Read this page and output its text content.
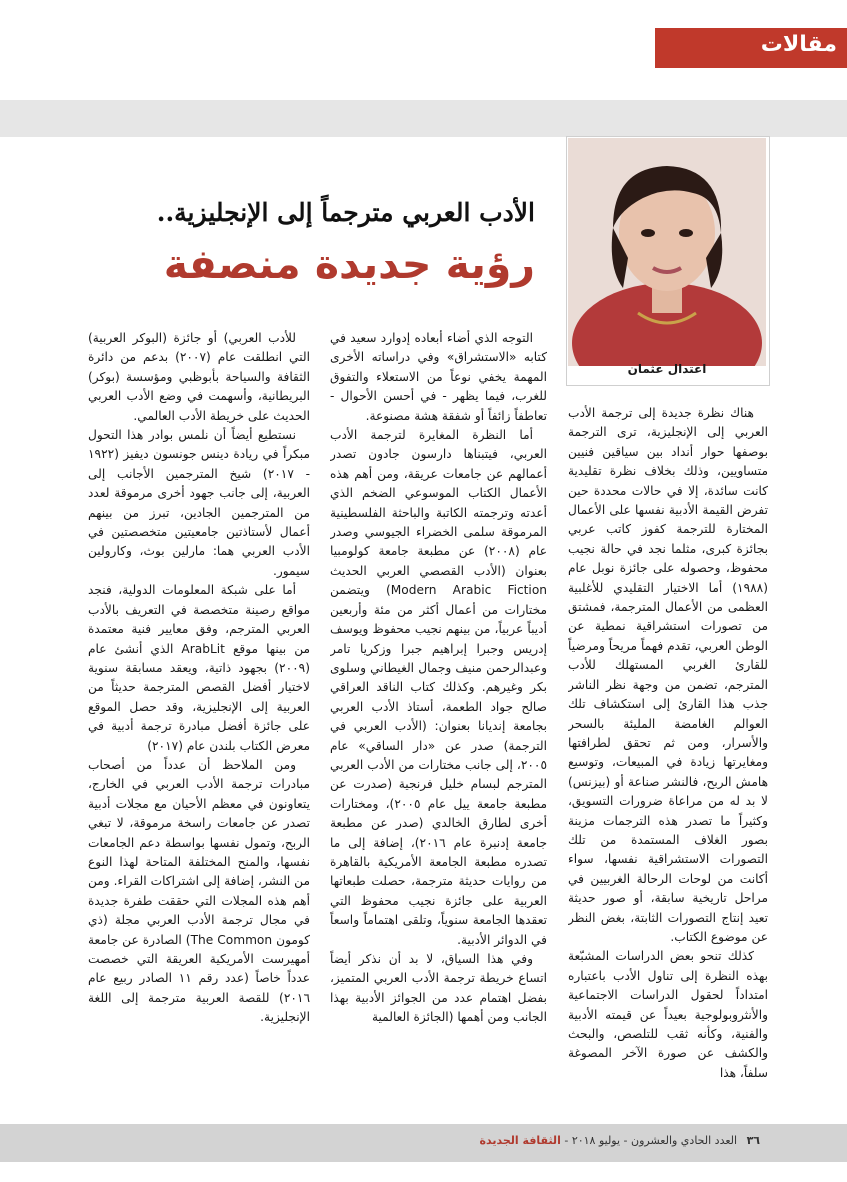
مقالات
اعتدال عثمان
الأدب العربي مترجماً إلى الإنجليزية..
رؤية جديدة منصفة

هناك نظرة جديدة إلى ترجمة الأدب العربي إلى الإنجليزية، ترى الترجمة بوصفها حوار أنداد بين سياقين فنيين متساويين، وذلك بخلاف نظرة تقليدية كانت سائدة، إلا في حالات محددة حين تفرض القيمة الأدبية نفسها على الأعمال المختارة للترجمة كفوز كاتب عربي بجائزة كبرى، مثلما نجد في حالة نجيب محفوظ، وحصوله على جائزة نوبل عام (١٩٨٨) أما الاختيار التقليدي للأغلبية العظمى من الأعمال المترجمة، فمشتق من تصورات استشراقية نمطية عن الوطن العربي، تقدم فهماً مريحاً ومرضياً للقارئ الغربي المستهلك للأدب المترجم، تضمن من وجهة نظر الناشر جذب هذا القارئ إلى استكشاف تلك العوالم الغامضة المليئة بالسحر والأسرار، ومن ثم تحقق لطرافتها ومغايرتها زيادة في المبيعات، وتوسيع هامش الربح، فالنشر صناعة أو (بيزنس) لا بد له من مراعاة ضرورات التسويق، وكثيراً ما تصدر هذه الترجمات مزينة بصور الغلاف المستمدة من تلك التصورات الاستشراقية نفسها، سواء أكانت من لوحات الرحالة الغربيين في مراحل تاريخية سابقة، أو صور حديثة تعيد إنتاج التصورات الثابتة، بغض النظر عن موضوع الكتاب.

كذلك تنحو بعض الدراسات المشبّعة بهذه النظرة إلى تناول الأدب باعتباره امتداداً لحقول الدراسات الاجتماعية والأنثروبولوجية بعيداً عن قيمته الأدبية والفنية، وكأنه ثقب للتلصص، والبحث والكشف عن صورة الآخر المصوغة سلفاً، هذا

التوجه الذي أضاء أبعاده إدوارد سعيد في كتابه «الاستشراق» وفي دراساته الأخرى المهمة يخفي نوعاً من الاستعلاء والتفوق للغرب، فيما يظهر - في أحسن الأحوال - تعاطفاً زائفاً أو شفقة هشة مصنوعة.

أما النظرة المغايرة لترجمة الأدب العربي، فيتبناها دارسون جادون تصدر أعمالهم عن جامعات عريقة، ومن أهم هذه الأعمال الكتاب الموسوعي الضخم الذي أعدته وترجمته الكاتبة والباحثة الفلسطينية المرموقة سلمى الخضراء الجيوسي وصدر عام (٢٠٠٨) عن مطبعة جامعة كولومبيا بعنوان (الأدب القصصي العربي الحديث Modern Arabic Fiction) ويتضمن مختارات من أعمال أكثر من مئة وأربعين أديباً عربياً، من بينهم نجيب محفوظ ويوسف إدريس وجبرا إبراهيم جبرا وزكريا تامر وعبدالرحمن منيف وجمال الغيطاني وسلوى بكر وغيرهم. وكذلك كتاب الناقد العراقي صالح جواد الطعمة، أستاذ الأدب العربي بجامعة إنديانا بعنوان: (الأدب العربي في الترجمة) صدر عن «دار الساقي» عام ٢٠٠٥، إلى جانب مختارات من الأدب العربي المترجم لبسام خليل فرنجية (صدرت عن مطبعة جامعة ييل عام ٢٠٠٥)، ومختارات أخرى لطارق الخالدي (صدر عن مطبعة جامعة إدنبرة عام ٢٠١٦)، إضافة إلى ما تصدره مطبعة الجامعة الأمريكية بالقاهرة من روايات حديثة مترجمة، حصلت طبعاتها العربية على جائزة نجيب محفوظ التي تعقدها الجامعة سنوياً، وتلقى اهتماماً واسعاً في الدوائر الأدبية.

وفي هذا السياق، لا بد أن نذكر أيضاً اتساع خريطة ترجمة الأدب العربي المتميز، بفضل اهتمام عدد من الجوائز الأدبية بهذا الجانب ومن أهمها (الجائزة العالمية

للأدب العربي) أو جائزة (البوكر العربية) التي انطلقت عام (٢٠٠٧) بدعم من دائرة الثقافة والسياحة بأبوظبي ومؤسسة (بوكر) البريطانية، وأسهمت في وضع الأدب العربي الحديث على خريطة الأدب العالمي.

نستطيع أيضاً أن نلمس بوادر هذا التحول مبكراً في ريادة دينس جونسون ديفيز (١٩٢٢ - ٢٠١٧) شيخ المترجمين الأجانب إلى العربية، إلى جانب جهود أخرى مرموقة لعدد من المترجمين الجادين، تبرز من بينهم أعمال لأستاذتين جامعيتين متخصصتين في الأدب العربي هما: مارلين بوث، وكارولين سيمور.

أما على شبكة المعلومات الدولية، فنجد مواقع رصينة متخصصة في التعريف بالأدب العربي المترجم، وفق معايير فنية معتمدة من بينها موقع ArabLit الذي أنشئ عام (٢٠٠٩) بجهود ذاتية، ويعقد مسابقة سنوية لاختيار أفضل القصص المترجمة حديثاً من العربية إلى الإنجليزية، وقد حصل الموقع على جائزة أفضل مبادرة ترجمة أدبية في معرض الكتاب بلندن عام (٢٠١٧)

ومن الملاحظ أن عدداً من أصحاب مبادرات ترجمة الأدب العربي في الخارج، يتعاونون في معظم الأحيان مع مجلات أدبية تصدر عن جامعات راسخة مرموقة، لا تبغي الربح، وتمول نفسها بواسطة دعم الجامعات نفسها، والمنح المختلفة المتاحة لهذا النوع من النشر، إضافة إلى اشتراكات القراء. ومن أهم هذه المجلات التي حققت طفرة جديدة في مجال ترجمة الأدب العربي مجلة (ذي كومون The Common) الصادرة عن جامعة أمهيرست الأمريكية العريقة التي خصصت عدداً خاصاً (عدد رقم ١١ الصادر ربيع عام ٢٠١٦) للقصة العربية مترجمة إلى اللغة الإنجليزية.

٣٦ العدد الحادي والعشرون - يوليو ٢٠١٨ - الثقافة الجديدة
